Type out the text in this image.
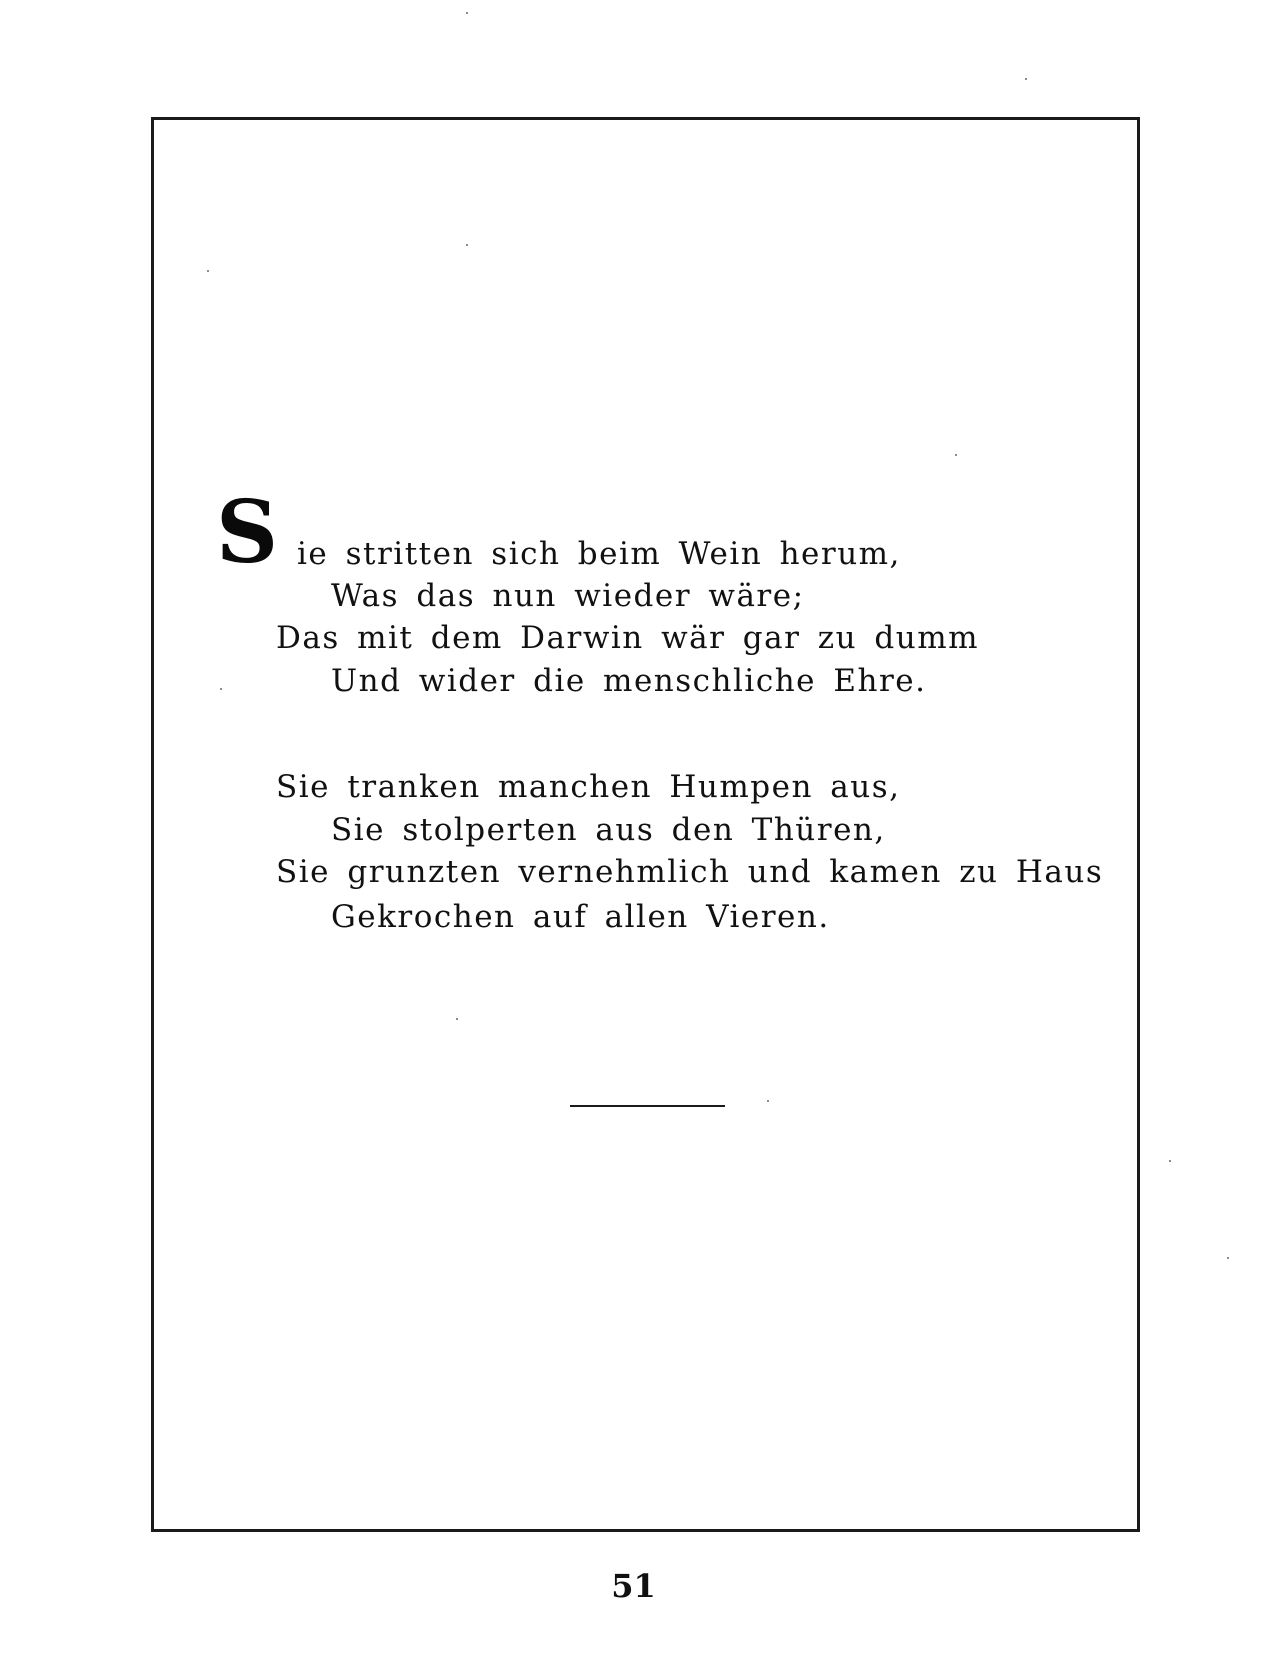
S ie stritten sich beim Wein herum,
Was das nun wieder wäre;
Das mit dem Darwin wär gar zu dumm
Und wider die menschliche Ehre.
Sie tranken manchen Humpen aus,
Sie stolperten aus den Thüren,
Sie grunzten vernehmlich und kamen zu Haus
Gekrochen auf allen Vieren.
51
